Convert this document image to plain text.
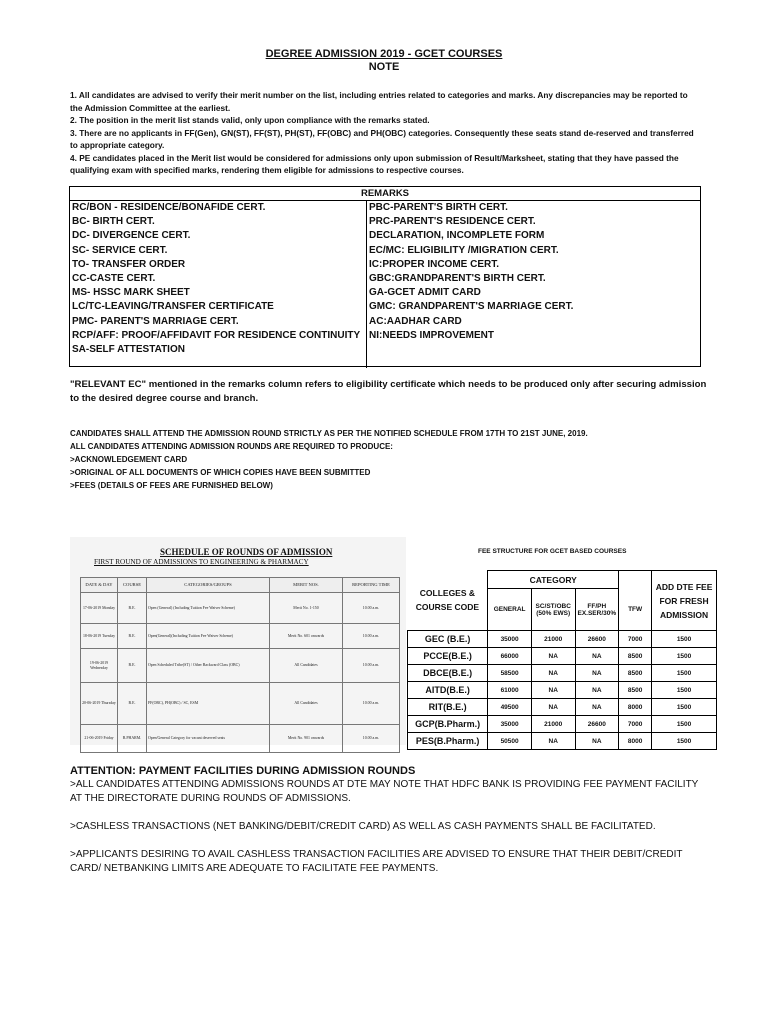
DEGREE ADMISSION 2019 - GCET COURSES
NOTE

1. All candidates are advised to verify their merit number on the list, including entries related to categories and marks. Any discrepancies may be reported to the Admission Committee at the earliest.

2. The position in the merit list stands valid, only upon compliance with the remarks stated.

3. There are no applicants in FF(Gen), GN(ST), FF(ST), PH(ST), FF(OBC) and PH(OBC) categories. Consequently these seats stand de-reserved and transferred to appropriate category.

4. PE candidates placed in the Merit list would be considered for admissions only upon submission of Result/Marksheet, stating that they have passed the qualifying exam with specified marks, rendering them eligible for admissions to respective courses.

REMARKS
RC/BON - RESIDENCE/BONAFIDE CERT.
BC- BIRTH CERT.
DC- DIVERGENCE CERT.
SC- SERVICE CERT.
TO- TRANSFER ORDER
CC-CASTE CERT.
MS- HSSC MARK SHEET
LC/TC-LEAVING/TRANSFER CERTIFICATE
PMC- PARENT'S MARRIAGE CERT.
RCP/AFF: PROOF/AFFIDAVIT FOR RESIDENCE CONTINUITY
SA-SELF ATTESTATION
PBC-PARENT'S BIRTH CERT.
PRC-PARENT'S RESIDENCE CERT.
DECLARATION, INCOMPLETE FORM
EC/MC: ELIGIBILITY /MIGRATION CERT.
IC:PROPER INCOME CERT.
GBC:GRANDPARENT'S BIRTH CERT.
GA-GCET ADMIT CARD
GMC: GRANDPARENT'S MARRIAGE CERT.
AC:AADHAR CARD
NI:NEEDS IMPROVEMENT
"RELEVANT EC" mentioned in the remarks column refers to eligibility certificate which needs to be produced only after securing admission to the desired degree course and branch.
CANDIDATES SHALL ATTEND THE ADMISSION ROUND STRICTLY AS PER THE NOTIFIED SCHEDULE FROM 17TH TO 21ST JUNE, 2019.
ALL CANDIDATES ATTENDING ADMISSION ROUNDS ARE REQUIRED TO PRODUCE:
>ACKNOWLEDGEMENT CARD
>ORIGINAL OF ALL DOCUMENTS OF WHICH COPIES HAVE BEEN SUBMITTED
>FEES (DETAILS OF FEES ARE FURNISHED BELOW)
SCHEDULE OF ROUNDS OF ADMISSION
FIRST ROUND OF ADMISSIONS TO ENGINEERING & PHARMACY
DATE & DAY	COURSE	CATEGORIES/GROUPS	MERIT NOS.	REPORTING TIME
17-06-2019 Monday	B.E.	Open (General) (Including Tuition Fee Waiver Scheme)	Merit No. 1-150	10.00 a.m.
18-06-2019 Tuesday	B.E.	Open(General)(Including Tuition Fee Waiver Scheme)	Merit No. 601 onwards	10.00 a.m.
19-06-2019 Wednesday	B.E.	Open Scheduled Tribe(ST) / Other Backward Class (OBC)	All Candidates	10.00 a.m.
20-06-2019 Thursday	B.E.	FF(OBC), PH(OBC) / SC, ESM	All Candidates	10.00 a.m.
21-06-2019 Friday	B.PHARM.	Open/General Category for vacant deserved seats	Merit No. 901 onwards	10.00 a.m.
FEE STRUCTURE FOR GCET BASED COURSES
COLLEGES & COURSE CODE	CATEGORY				ADD DTE FEE FOR FRESH ADMISSION
	GENERAL	SC/ST/OBC (50% EWS)	FF/PH EX.SER/30%	TFW	
GEC (B.E.)	35000	21000	26600	7000	1500
PCCE(B.E.)	66000	NA	NA	8500	1500
DBCE(B.E.)	58500	NA	NA	8500	1500
AITD(B.E.)	61000	NA	NA	8500	1500
RIT(B.E.)	49500	NA	NA	8000	1500
GCP(B.Pharm.)	35000	21000	26600	7000	1500
PES(B.Pharm.)	50500	NA	NA	8000	1500
ATTENTION: PAYMENT FACILITIES DURING ADMISSION ROUNDS

>ALL CANDIDATES ATTENDING ADMISSIONS ROUNDS AT DTE MAY NOTE THAT HDFC BANK IS PROVIDING FEE PAYMENT FACILITY AT THE DIRECTORATE DURING ROUNDS OF ADMISSIONS.

>CASHLESS TRANSACTIONS (NET BANKING/DEBIT/CREDIT CARD) AS WELL AS CASH PAYMENTS SHALL BE FACILITATED.

>APPLICANTS DESIRING TO AVAIL CASHLESS TRANSACTION FACILITIES ARE ADVISED TO ENSURE THAT THEIR DEBIT/CREDIT CARD/ NETBANKING LIMITS ARE ADEQUATE TO FACILITATE FEE PAYMENTS.
